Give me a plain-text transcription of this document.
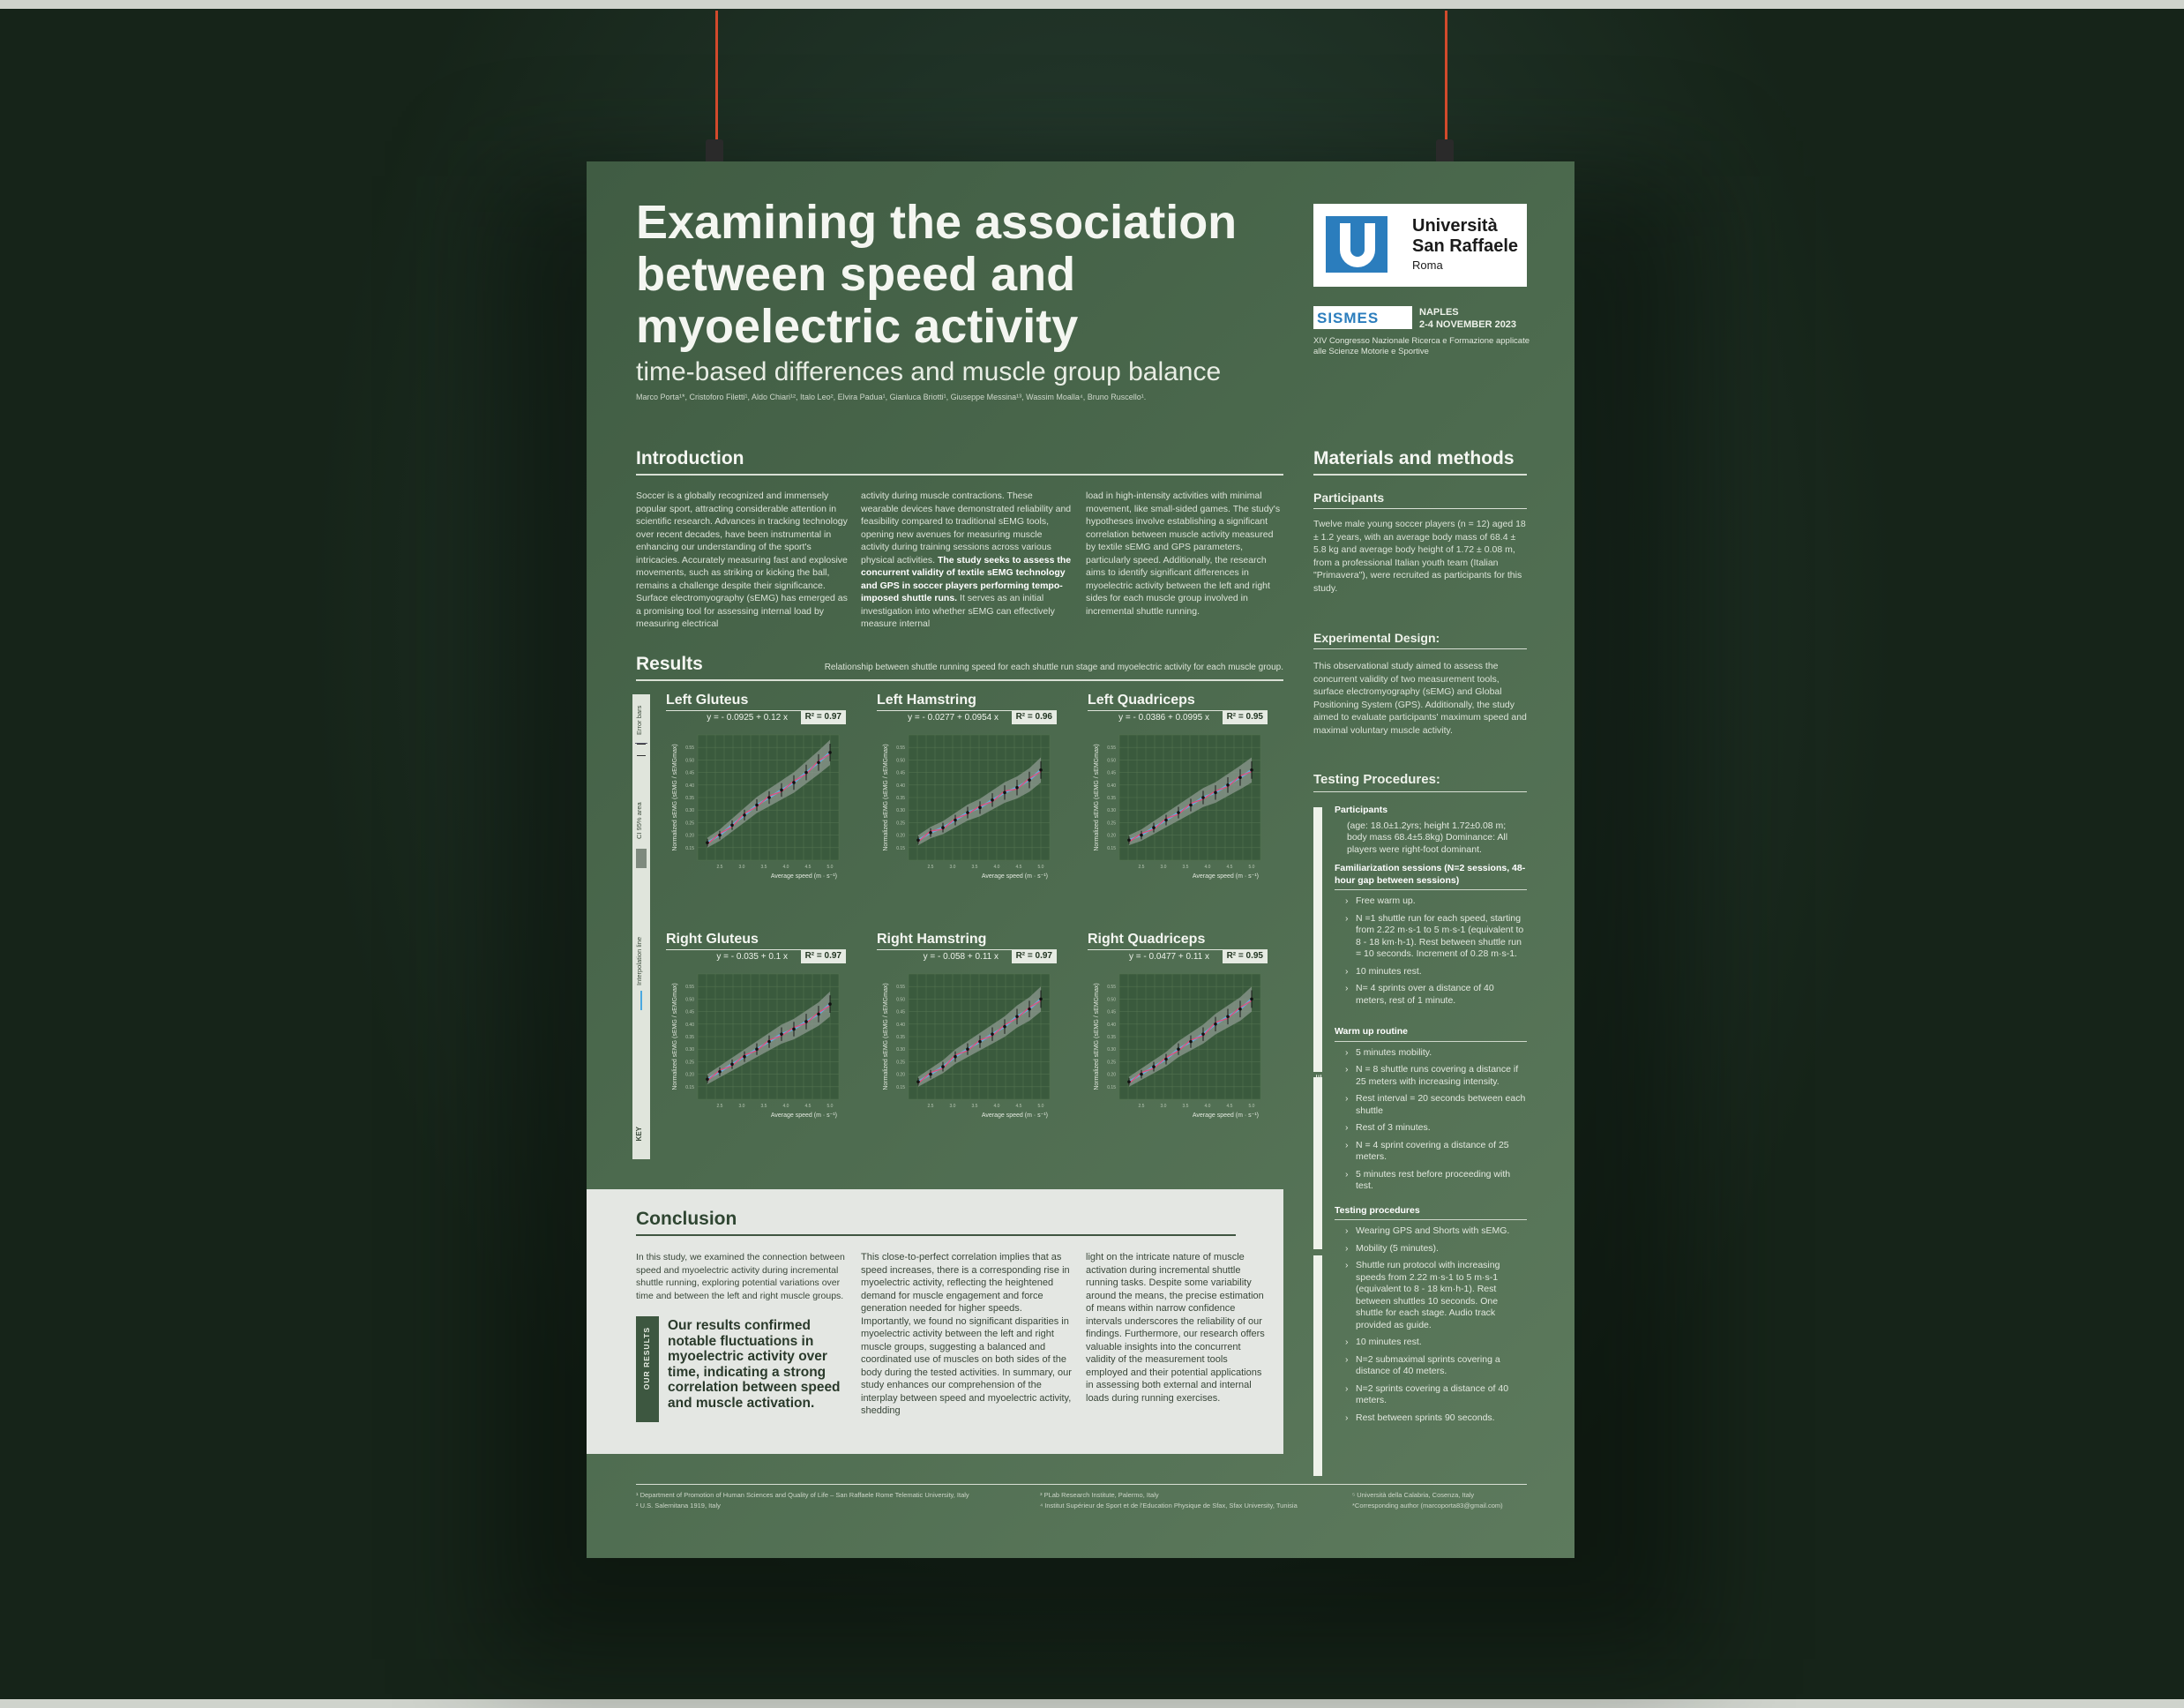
Examining the association between speed and myoelectric activity
time-based differences and muscle group balance
Marco Porta¹*, Cristoforo Filetti¹, Aldo Chiari¹², Italo Leo², Elvira Padua¹, Gianluca Briotti¹, Giuseppe Messina¹³, Wassim Moalla⁴, Bruno Ruscello¹.
Università San Raffaele
Roma
SISMES	NAPLES
2-4 NOVEMBER 2023
XIV Congresso Nazionale Ricerca e Formazione applicate alle Scienze Motorie e Sportive
Introduction
Soccer is a globally recognized and immensely popular sport, attracting considerable attention in scientific research. Advances in tracking technology over recent decades, have been instrumental in enhancing our understanding of the sport's intricacies. Accurately measuring fast and explosive movements, such as striking or kicking the ball, remains a challenge despite their significance. Surface electromyography (sEMG) has emerged as a promising tool for assessing internal load by measuring electrical
activity during muscle contractions. These wearable devices have demonstrated reliability and feasibility compared to traditional sEMG tools, opening new avenues for measuring muscle activity during training sessions across various physical activities. The study seeks to assess the concurrent validity of textile sEMG technology and GPS in soccer players performing tempo-imposed shuttle runs. It serves as an initial investigation into whether sEMG can effectively measure internal
load in high-intensity activities with minimal movement, like small-sided games. The study's hypotheses involve establishing a significant correlation between muscle activity measured by textile sEMG and GPS parameters, particularly speed. Additionally, the research aims to identify significant differences in myoelectric activity between the left and right sides for each muscle group involved in incremental shuttle running.
Results	Relationship between shuttle running speed for each shuttle run stage and myoelectric activity for each muscle group.
Error bars
CI 95% area
Interpolation line
KEY
Left Gluteus
y = - 0.0925 + 0.12 x	R² = 0.97
0.15
0.20
0.25
0.30
0.35
0.40
0.45
0.50
0.55
2.5	3.0	3.5	4.0	4.5	5.0
Average speed (m · s⁻¹)
Normalized sEMG (sEMG / sEMGmax)
Left Hamstring
y = - 0.0277 + 0.0954 x	R² = 0.96
0.15
0.20
0.25
0.30
0.35
0.40
0.45
0.50
0.55
2.5	3.0	3.5	4.0	4.5	5.0
Average speed (m · s⁻¹)
Normalized sEMG (sEMG / sEMGmax)
Left Quadriceps
y = - 0.0386 + 0.0995 x	R² = 0.95
0.15
0.20
0.25
0.30
0.35
0.40
0.45
0.50
0.55
2.5	3.0	3.5	4.0	4.5	5.0
Average speed (m · s⁻¹)
Normalized sEMG (sEMG / sEMGmax)
Right Gluteus
y = - 0.035 + 0.1 x	R² = 0.97
0.15
0.20
0.25
0.30
0.35
0.40
0.45
0.50
0.55
2.5	3.0	3.5	4.0	4.5	5.0
Average speed (m · s⁻¹)
Normalized sEMG (sEMG / sEMGmax)
Right Hamstring
y = - 0.058 + 0.11 x	R² = 0.97
0.15
0.20
0.25
0.30
0.35
0.40
0.45
0.50
0.55
2.5	3.0	3.5	4.0	4.5	5.0
Average speed (m · s⁻¹)
Normalized sEMG (sEMG / sEMGmax)
Right Quadriceps
y = - 0.0477 + 0.11 x	R² = 0.95
0.15
0.20
0.25
0.30
0.35
0.40
0.45
0.50
0.55
2.5	3.0	3.5	4.0	4.5	5.0
Average speed (m · s⁻¹)
Normalized sEMG (sEMG / sEMGmax)
Conclusion
In this study, we examined the connection between speed and myoelectric activity during incremental shuttle running, exploring potential variations over time and between the left and right muscle groups.
OUR RESULTS
Our results confirmed notable fluctuations in myoelectric activity over time, indicating a strong correlation between speed and muscle activation.
This close-to-perfect correlation implies that as speed increases, there is a corresponding rise in myoelectric activity, reflecting the heightened demand for muscle engagement and force generation needed for higher speeds. Importantly, we found no significant disparities in myoelectric activity between the left and right muscle groups, suggesting a balanced and coordinated use of muscles on both sides of the body during the tested activities. In summary, our study enhances our comprehension of the interplay between speed and myoelectric activity, shedding
light on the intricate nature of muscle activation during incremental shuttle running tasks. Despite some variability around the means, the precise estimation of means within narrow confidence intervals underscores the reliability of our findings. Furthermore, our research offers valuable insights into the concurrent validity of the measurement tools employed and their potential applications in assessing both external and internal loads during running exercises.
Materials and methods
Participants
Twelve male young soccer players (n = 12) aged 18 ± 1.2 years, with an average body mass of 68.4 ± 5.8 kg and average body height of 1.72 ± 0.08 m, from a professional Italian youth team (Italian "Primavera"), were recruited as participants for this study.
Experimental Design:
This observational study aimed to assess the concurrent validity of two measurement tools, surface electromyography (sEMG) and Global Positioning System (GPS). Additionally, the study aimed to evaluate participants' maximum speed and maximal voluntary muscle activity.
Testing Procedures:
ONE WEEK BEFORE
WARM UP
TESTING
Participants
(age: 18.0±1.2yrs; height 1.72±0.08 m; body mass 68.4±5.8kg) Dominance: All players were right-foot dominant.
Familiarization sessions (N=2 sessions, 48-hour gap between sessions)
› Free warm up.
› N =1 shuttle run for each speed, starting from 2.22 m·s-1 to 5 m·s-1 (equivalent to 8 - 18 km·h-1). Rest between shuttle run = 10 seconds. Increment of 0.28 m·s-1.
› 10 minutes rest.
› N= 4 sprints over a distance of 40 meters, rest of 1 minute.
Warm up routine
› 5 minutes mobility.
› N = 8 shuttle runs covering a distance if 25 meters with increasing intensity.
› Rest interval = 20 seconds between each shuttle
› Rest of 3 minutes.
› N = 4 sprint covering a distance of 25 meters.
› 5 minutes rest before proceeding with test.
Testing procedures
› Wearing GPS and Shorts with sEMG.
› Mobility (5 minutes).
› Shuttle run protocol with increasing speeds from 2.22 m·s-1 to 5 m·s-1 (equivalent to 8 - 18 km·h-1). Rest between shuttles 10 seconds. One shuttle for each stage. Audio track provided as guide.
› 10 minutes rest.
› N=2 submaximal sprints covering a distance of 40 meters.
› N=2 sprints covering a distance of 40 meters.
› Rest between sprints 90 seconds.
¹ Department of Promotion of Human Sciences and Quality of Life – San Raffaele Rome Telematic University, Italy
² U.S. Salernitana 1919, Italy
³ PLab Research Institute, Palermo, Italy
⁴ Institut Supérieur de Sport et de l'Education Physique de Sfax, Sfax University, Tunisia
⁵ Università della Calabria, Cosenza, Italy
*Corresponding author (marcoporta83@gmail.com)
